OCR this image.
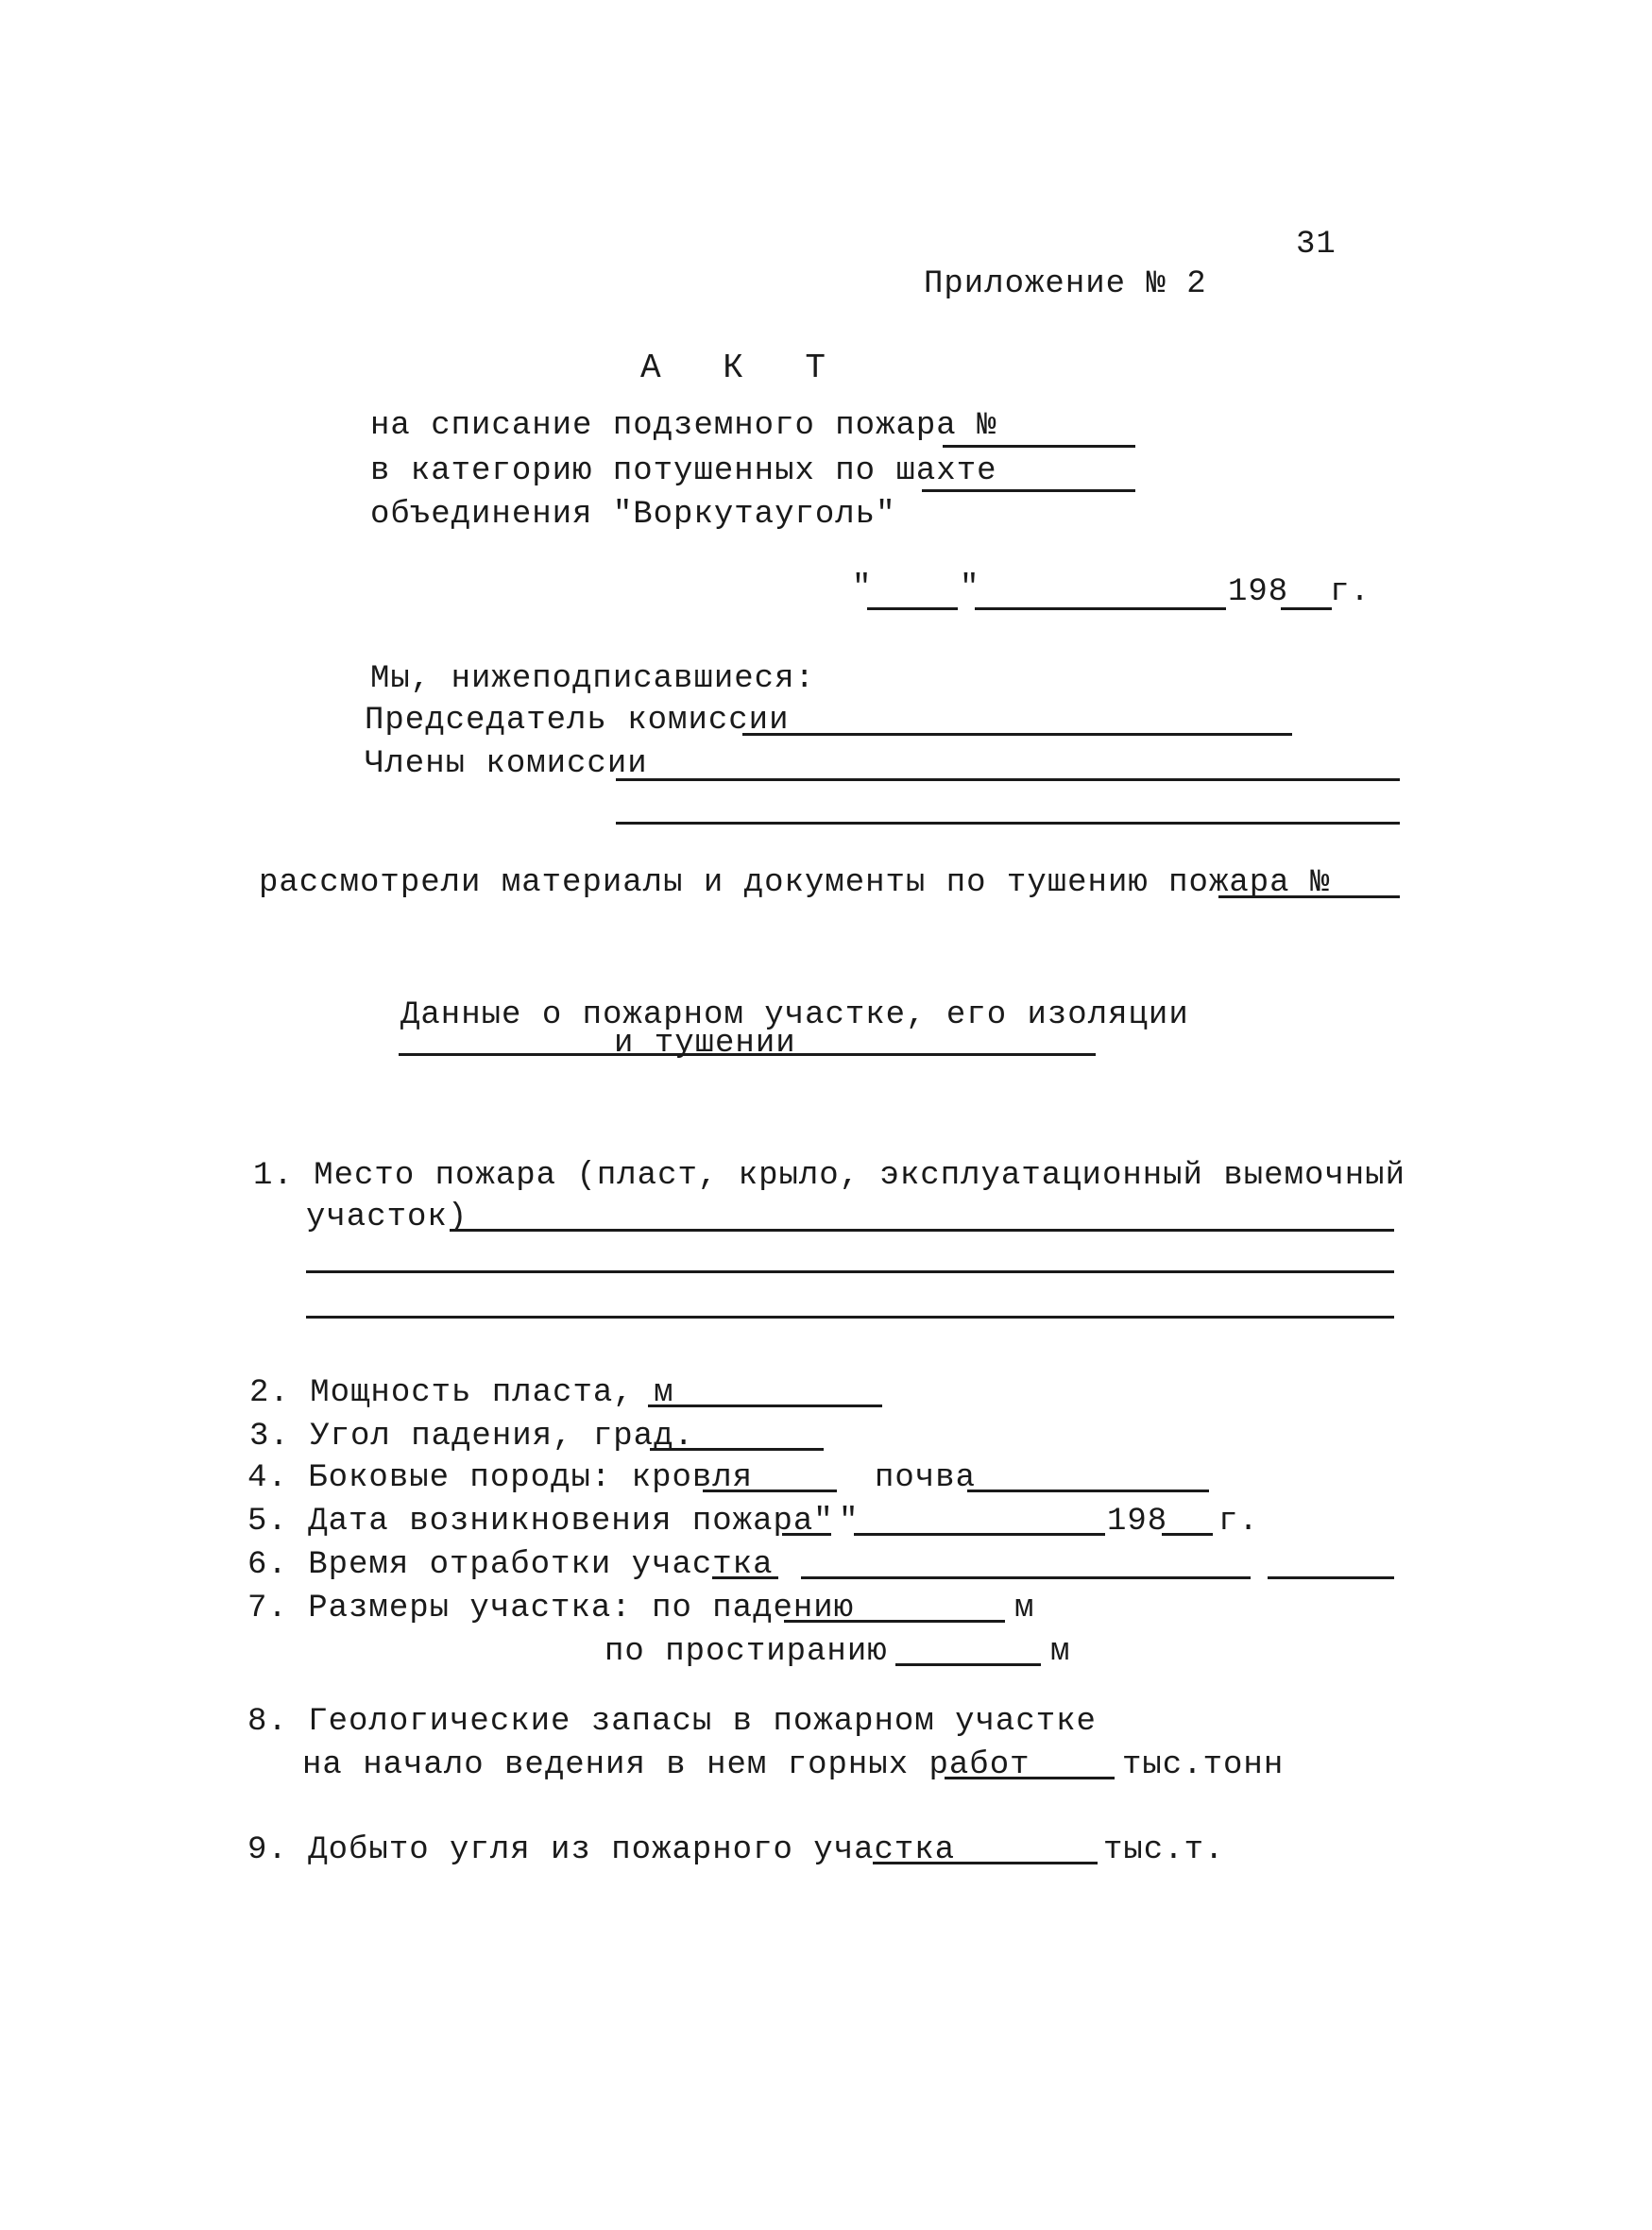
31
Приложение № 2
А К Т
на списание подземного пожара №
в категорию потушенных по шахте
объединения "Воркутауголь"
"	"	198 г.
Мы, нижеподписавшиеся:
Председатель комиссии
Члены комиссии
рассмотрели материалы и документы по тушению пожара №
Данные о пожарном участке, его изоляции
и тушении
1. Место пожара (пласт, крыло, эксплуатационный выемочный
участок)
2. Мощность пласта, м
3. Угол падения, град.
4. Боковые породы: кровля	почва
5. Дата возникновения пожара" "	198 г.
6. Время отработки участка
7. Размеры участка: по падению	м
по простиранию	м
8. Геологические запасы в пожарном участке
на начало ведения в нем горных работ	тыс.тонн
9. Добыто угля из пожарного участка	тыс.т.
